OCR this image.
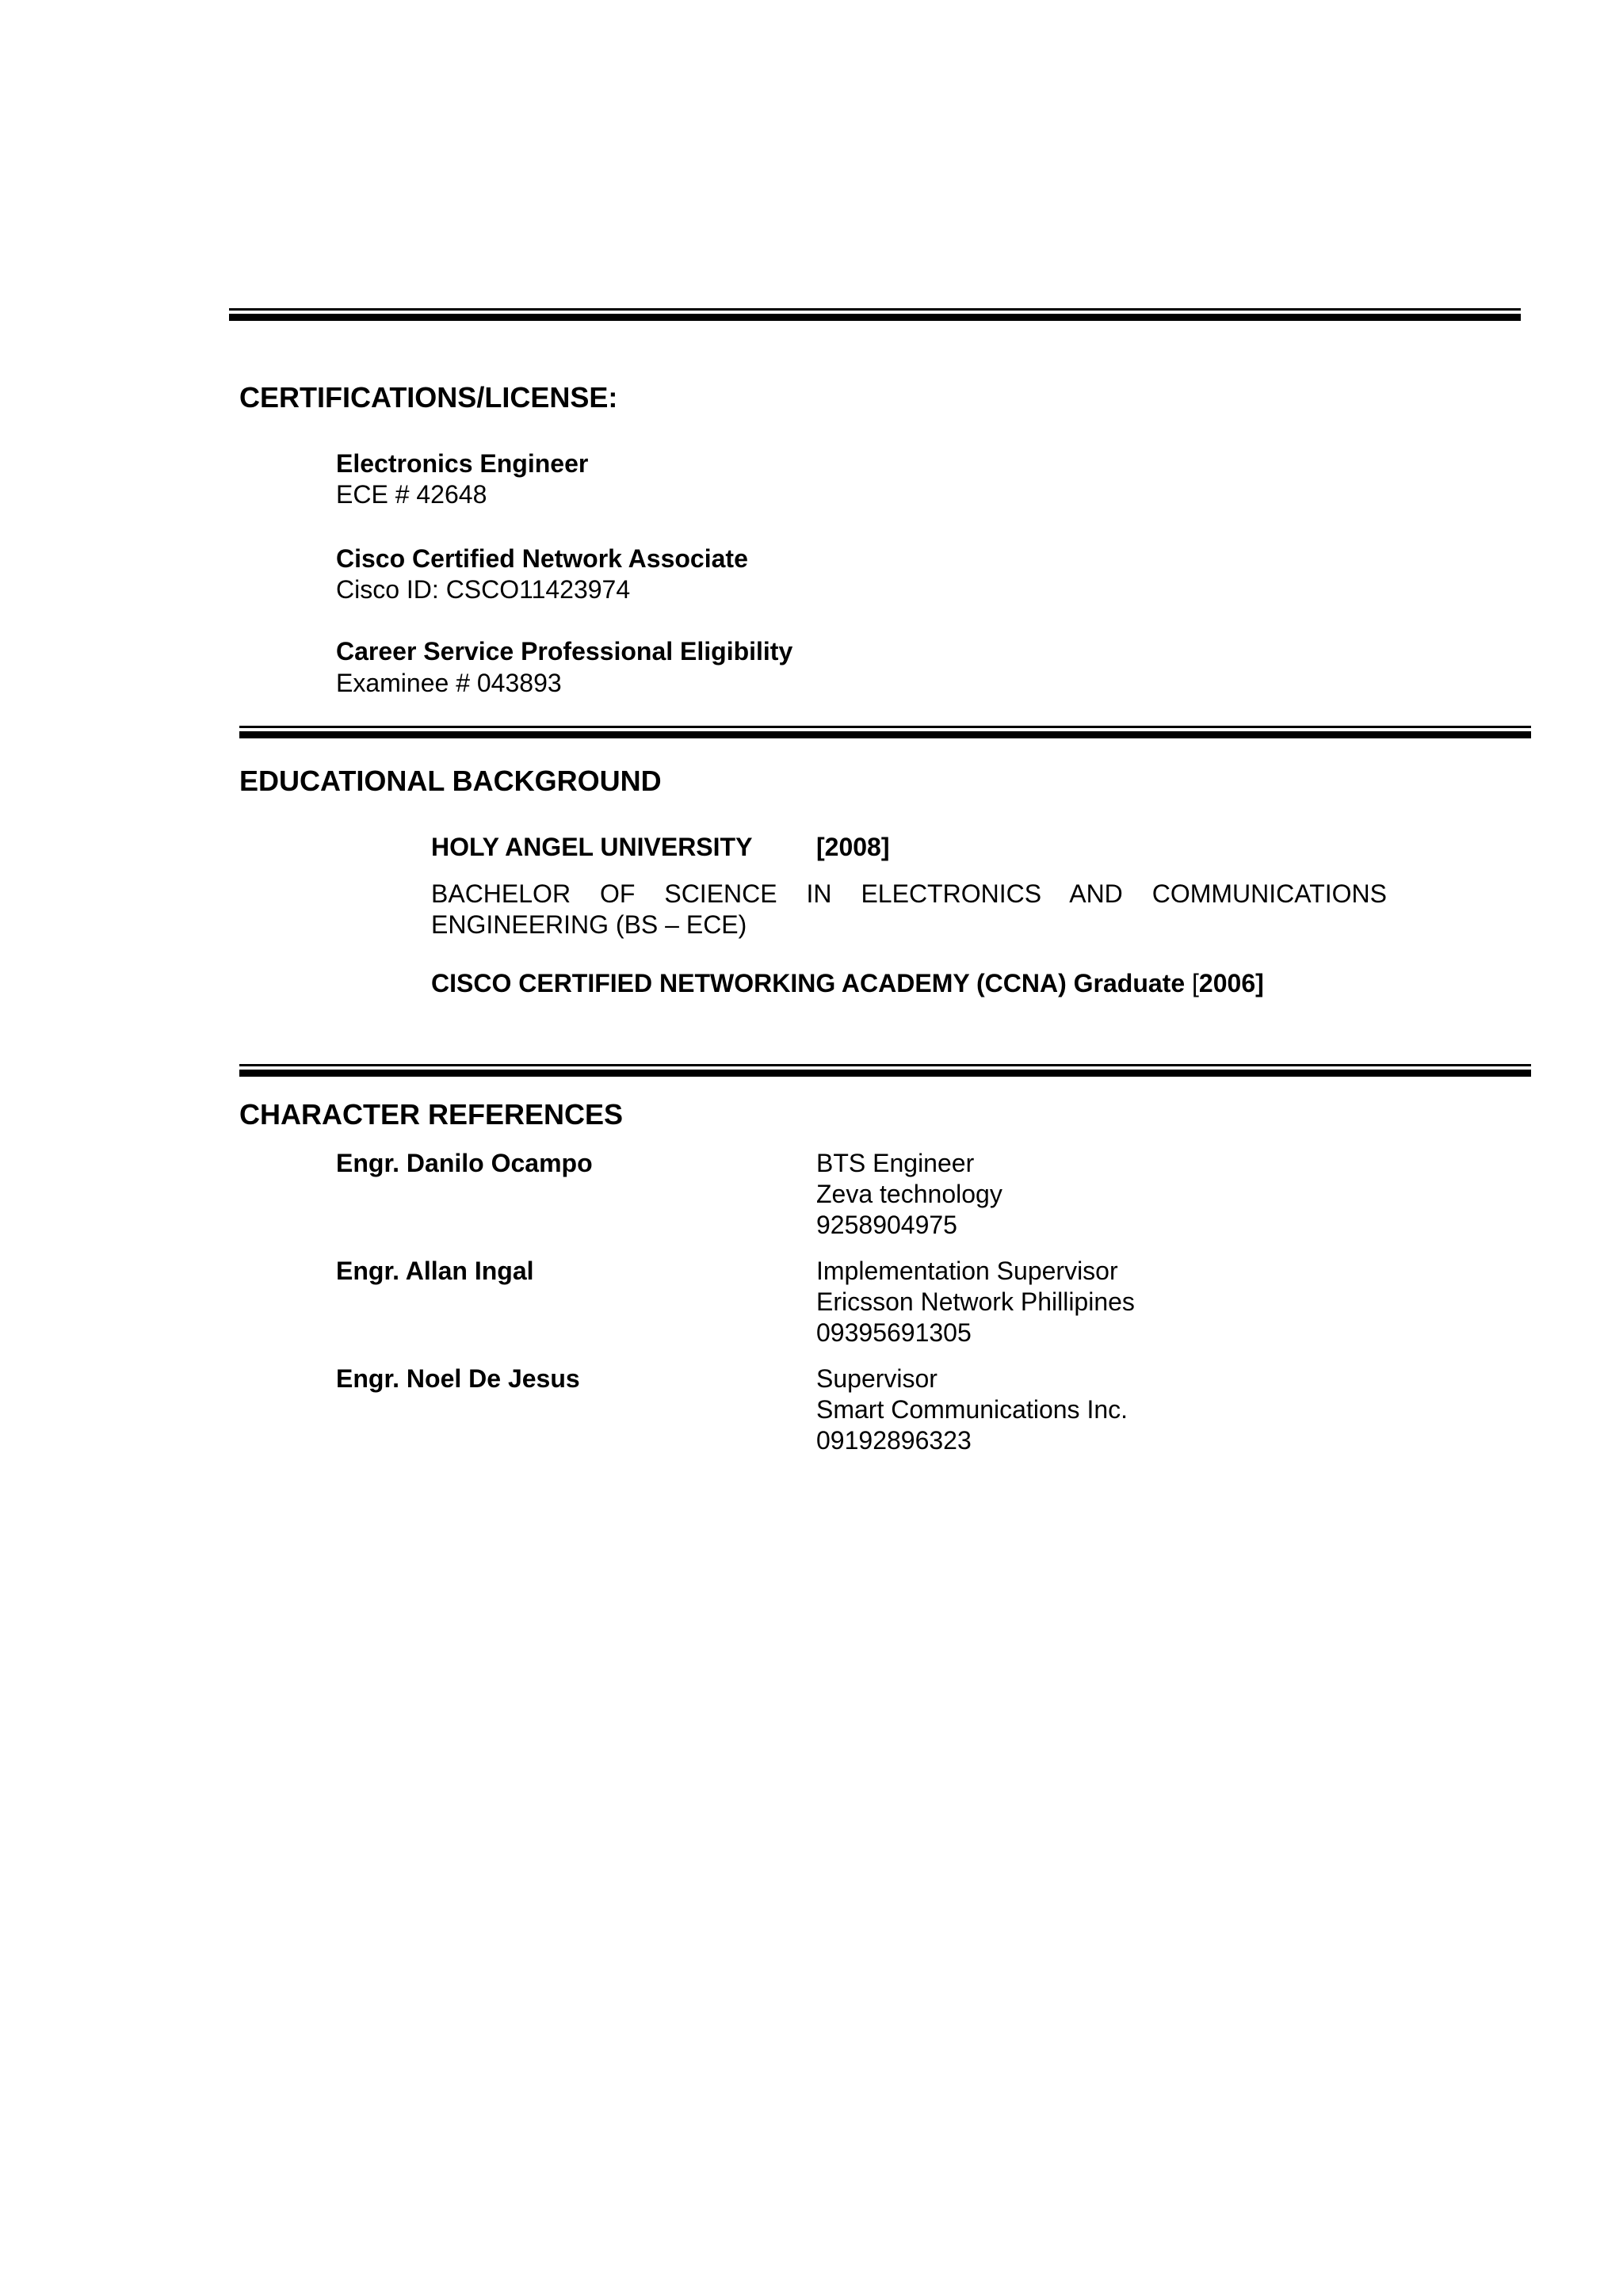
CERTIFICATIONS/LICENSE:
Electronics Engineer
ECE # 42648
Cisco Certified Network Associate
Cisco ID: CSCO11423974
Career Service Professional Eligibility
Examinee # 043893
EDUCATIONAL BACKGROUND
HOLY ANGEL UNIVERSITY	[2008]
BACHELOR OF SCIENCE IN ELECTRONICS AND COMMUNICATIONS
ENGINEERING (BS – ECE)
CISCO CERTIFIED NETWORKING ACADEMY (CCNA) Graduate [2006]
CHARACTER REFERENCES
Engr. Danilo Ocampo	BTS Engineer
Zeva technology
9258904975
Engr. Allan Ingal	Implementation Supervisor
Ericsson Network Phillipines
09395691305
Engr. Noel De Jesus	Supervisor
Smart Communications Inc.
09192896323
